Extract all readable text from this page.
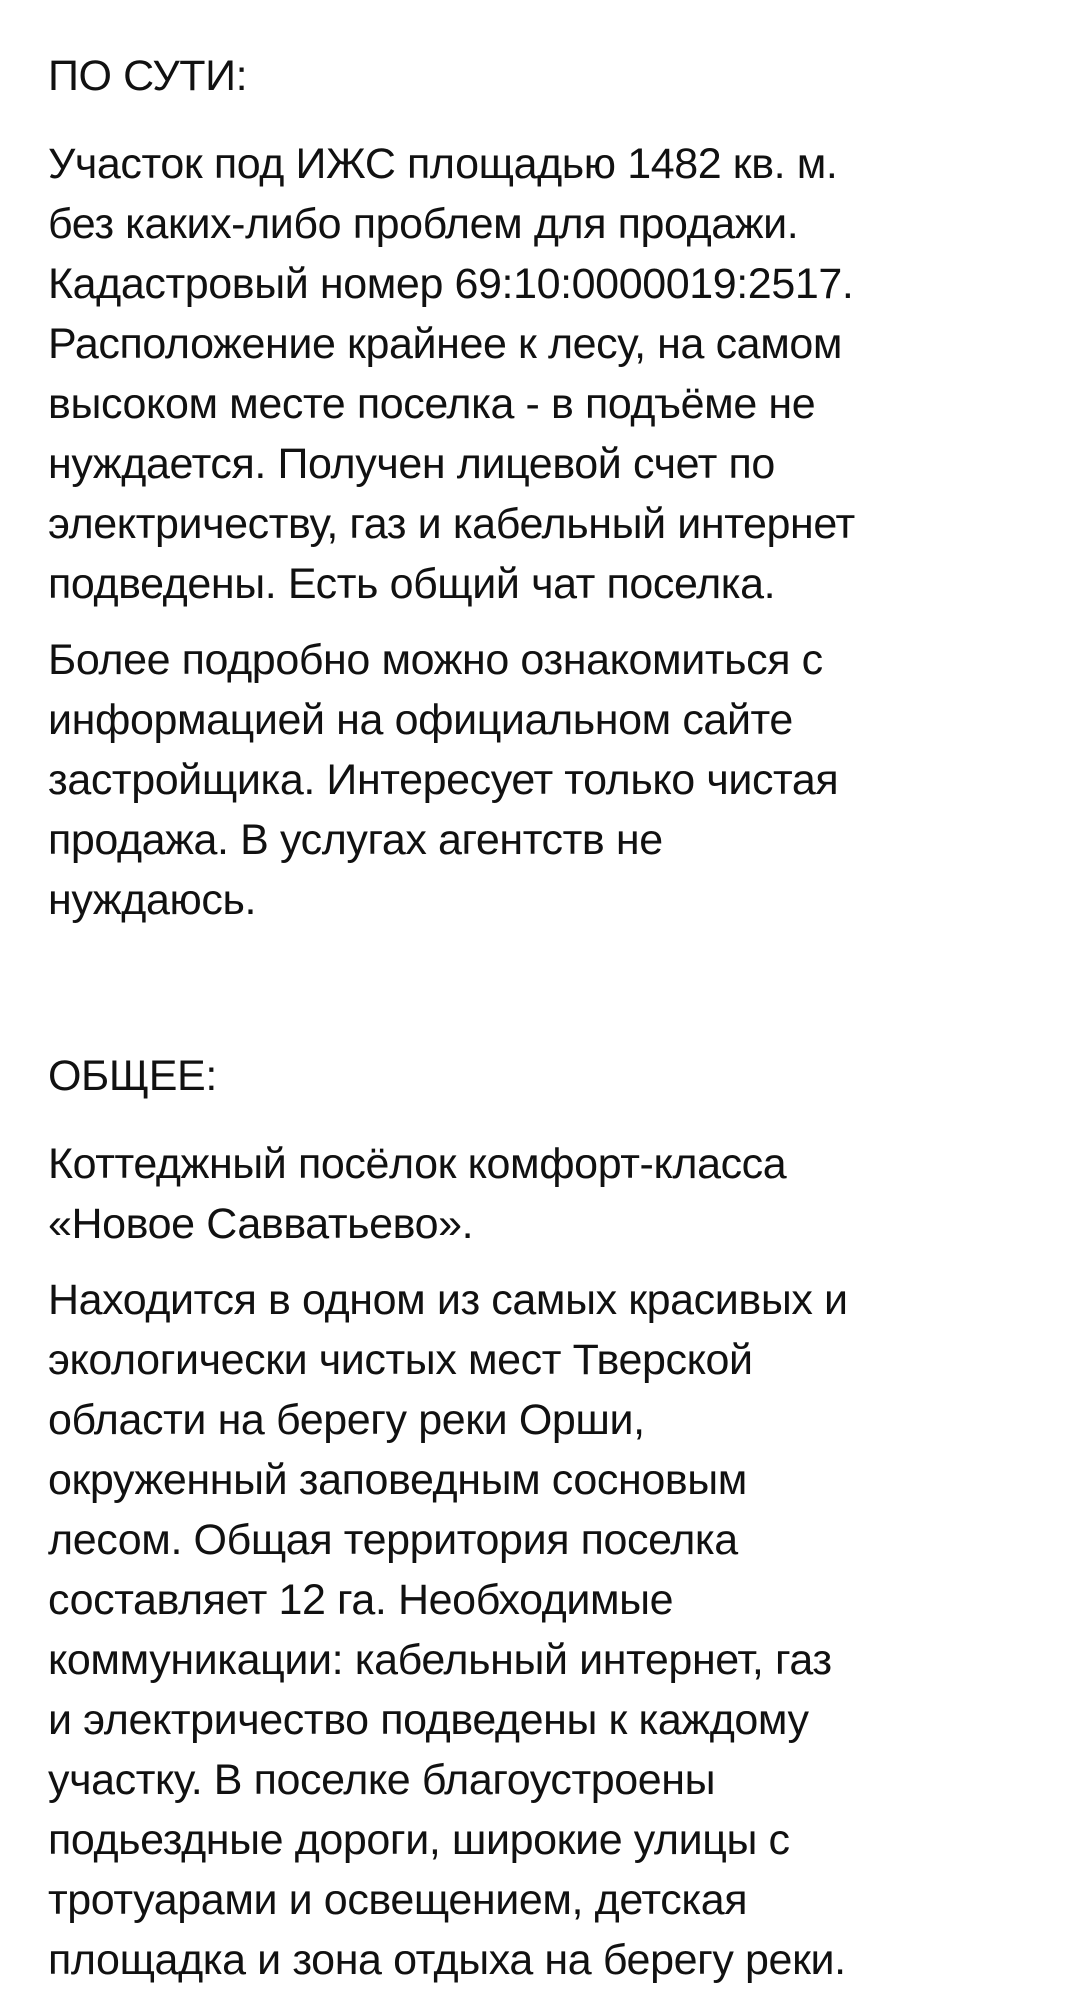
ПО СУТИ:
Участок под ИЖС площадью 1482 кв. м.
без каких-либо проблем для продажи.
Кадастровый номер 69:10:0000019:2517.
Расположение крайнее к лесу, на самом
высоком месте поселка - в подъёме не
нуждается. Получен лицевой счет по
электричеству, газ и кабельный интернет
подведены. Есть общий чат поселка.
Более подробно можно ознакомиться с
информацией на официальном сайте
застройщика. Интересует только чистая
продажа. В услугах агентств не
нуждаюсь.
ОБЩЕЕ:
Коттеджный посёлок комфорт-класса
«Новое Савватьево».
Находится в одном из самых красивых и
экологически чистых мест Тверской
области на берегу реки Орши,
окруженный заповедным сосновым
лесом. Общая территория поселка
составляет 12 га. Необходимые
коммуникации: кабельный интернет, газ
и электричество подведены к каждому
участку. В поселке благоустроены
подьездные дороги, широкие улицы с
тротуарами и освещением, детская
площадка и зона отдыха на берегу реки.
